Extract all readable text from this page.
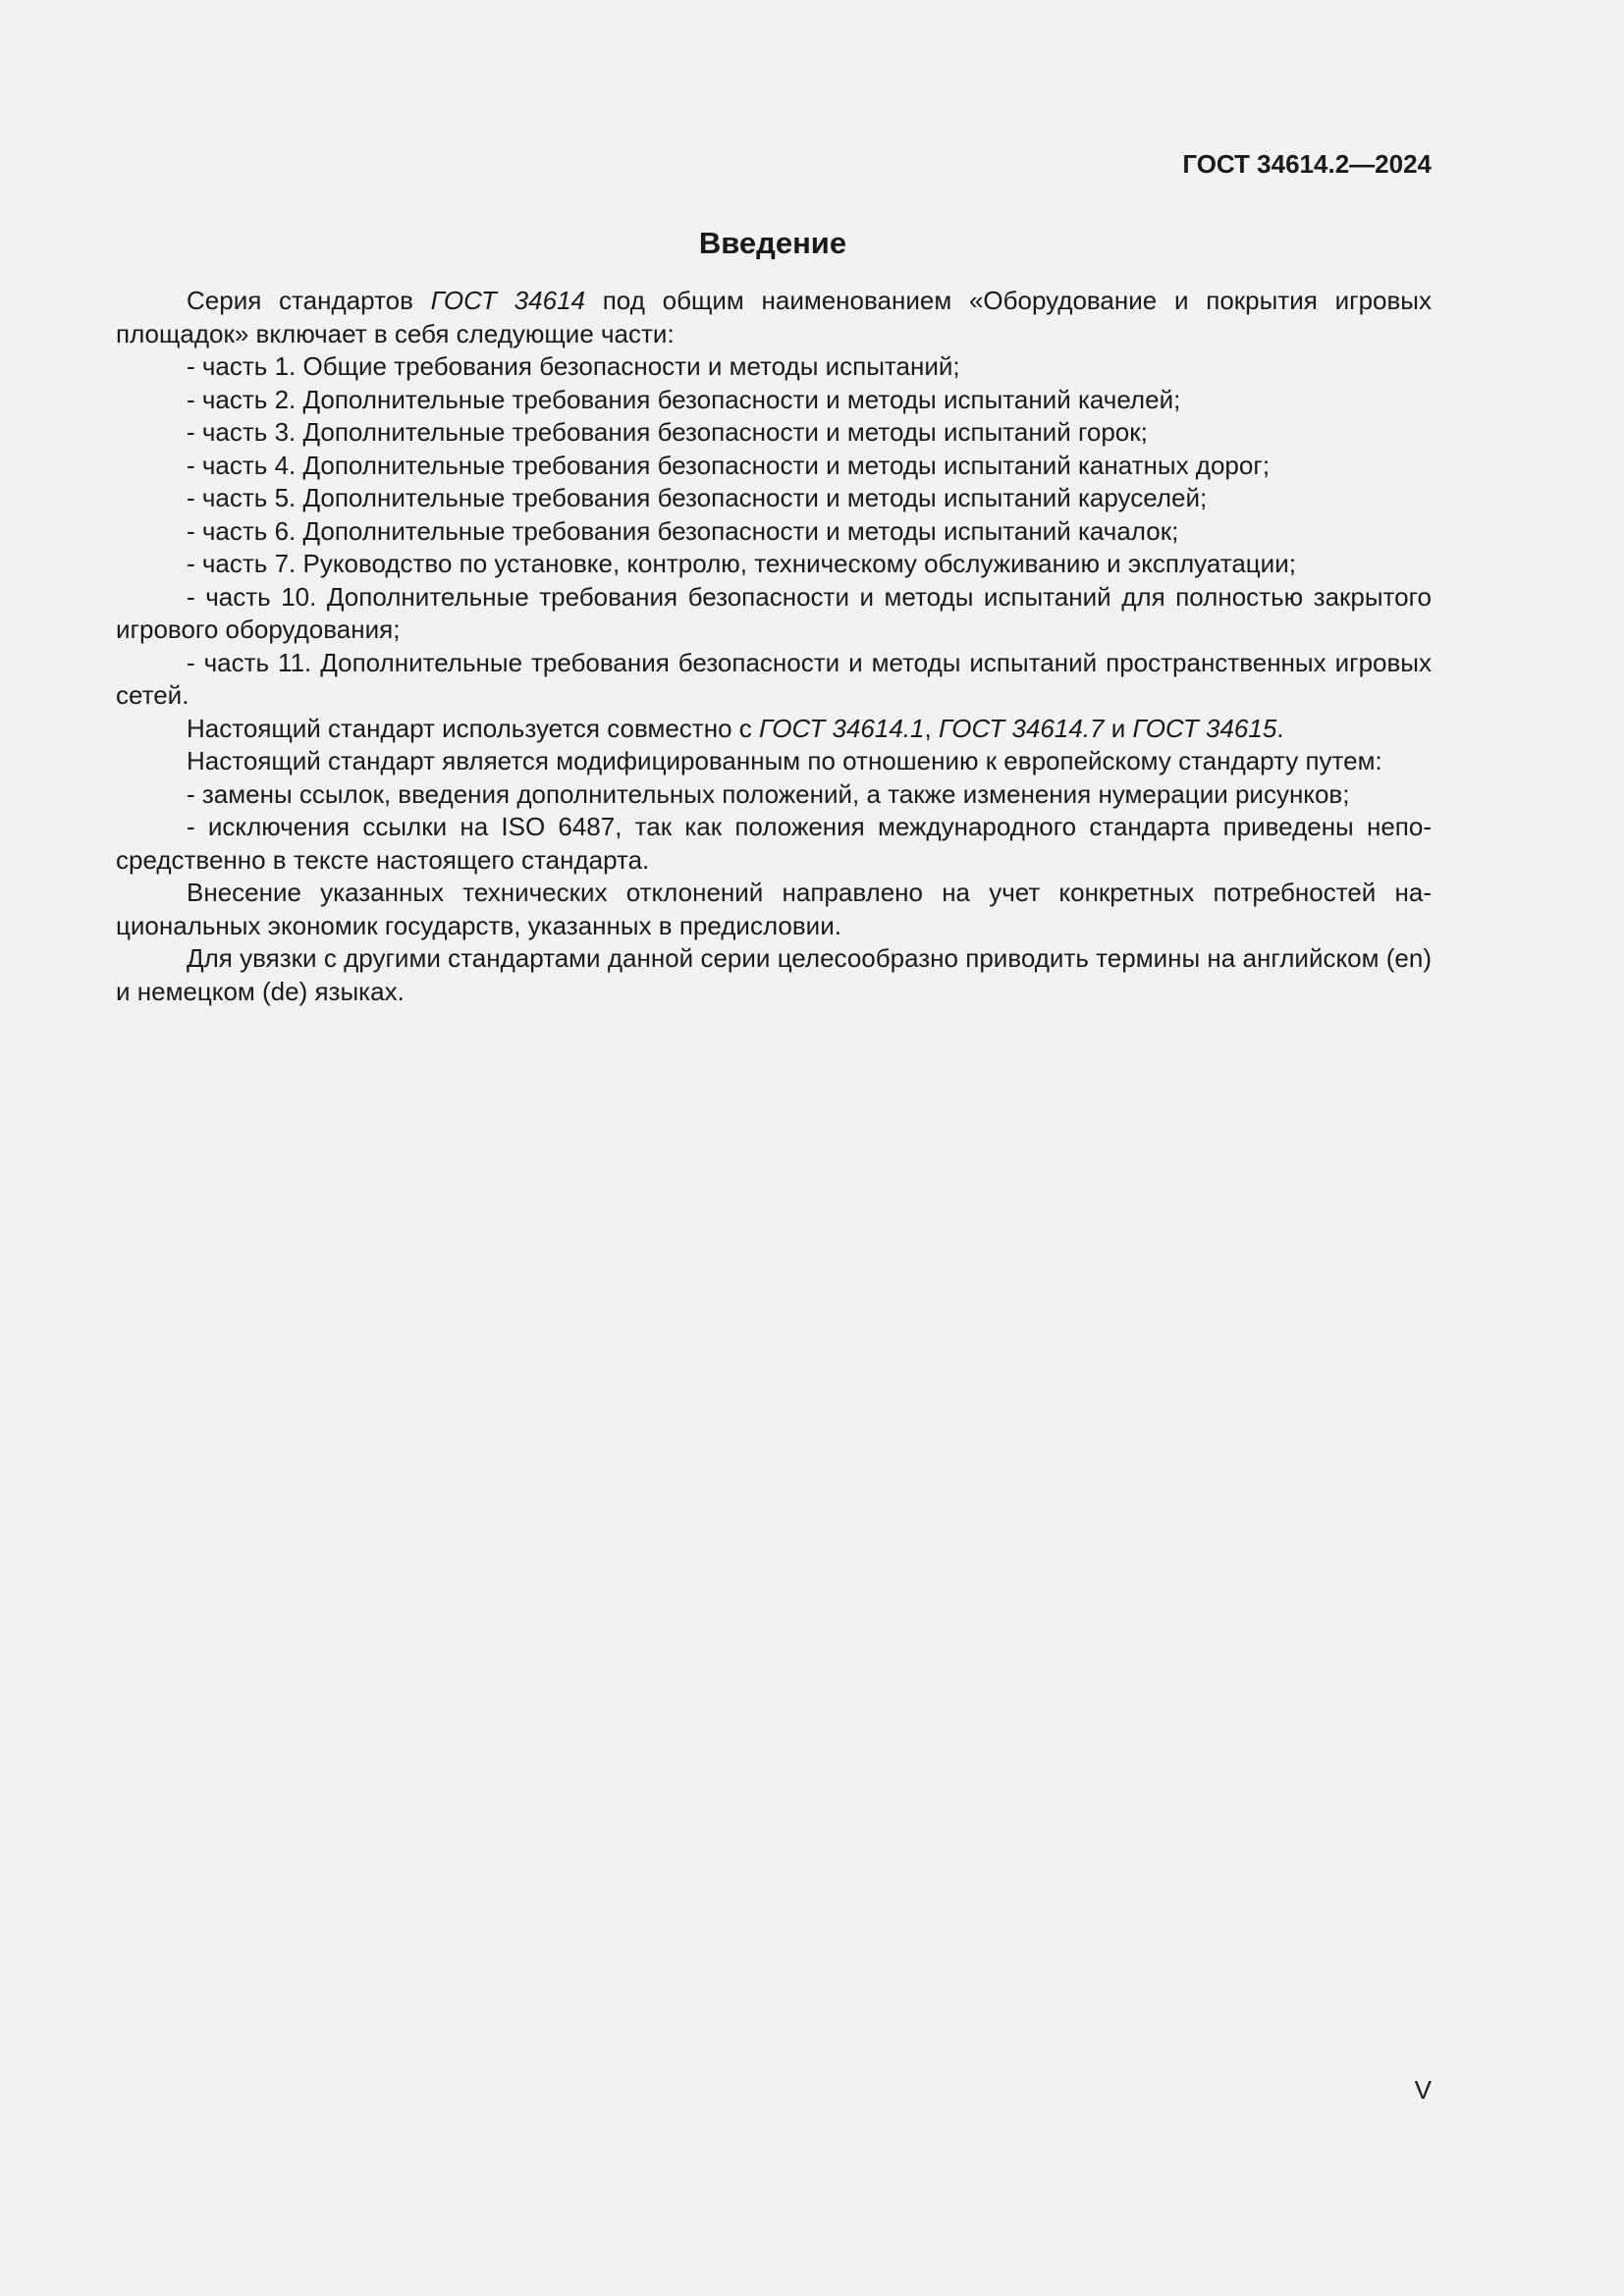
ГОСТ 34614.2—2024
Введение

Серия стандартов ГОСТ 34614 под общим наименованием «Оборудование и покрытия игровых площадок» включает в себя следующие части:

- часть 1. Общие требования безопасности и методы испытаний;

- часть 2. Дополнительные требования безопасности и методы испытаний качелей;

- часть 3. Дополнительные требования безопасности и методы испытаний горок;

- часть 4. Дополнительные требования безопасности и методы испытаний канатных дорог;

- часть 5. Дополнительные требования безопасности и методы испытаний каруселей;

- часть 6. Дополнительные требования безопасности и методы испытаний качалок;

- часть 7. Руководство по установке, контролю, техническому обслуживанию и эксплуатации;

- часть 10. Дополнительные требования безопасности и методы испытаний для полностью закрытого игрового оборудования;

- часть 11. Дополнительные требования безопасности и методы испытаний пространственных игровых сетей.

Настоящий стандарт используется совместно с ГОСТ 34614.1, ГОСТ 34614.7 и ГОСТ 34615.

Настоящий стандарт является модифицированным по отношению к европейскому стандарту путем:

- замены ссылок, введения дополнительных положений, а также изменения нумерации рисунков;

- исключения ссылки на ISO 6487, так как положения международного стандарта приведены непосредственно в тексте настоящего стандарта.

Внесение указанных технических отклонений направлено на учет конкретных потребностей национальных экономик государств, указанных в предисловии.

Для увязки с другими стандартами данной серии целесообразно приводить термины на английском (en) и немецком (de) языках.

V
